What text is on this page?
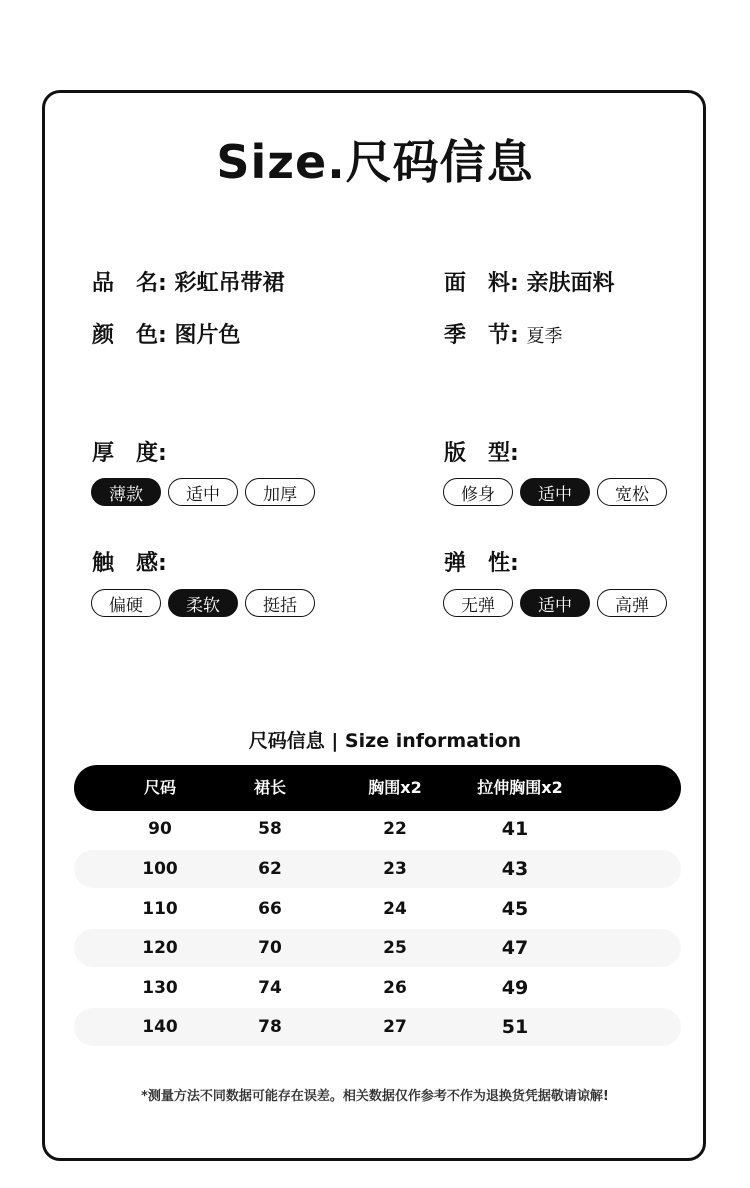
Size.尺码信息
品　名: 彩虹吊带裙	面　料: 亲肤面料
颜　色: 图片色	季　节: 夏季
厚　度:
薄款	适中	加厚
版　型:
修身	适中	宽松
触　感:
偏硬	柔软	挺括
弹　性:
无弹	适中	高弹
尺码信息 | Size information
尺码	裙长	胸围x2	拉伸胸围x2
90	58	22	41
100	62	23	43
110	66	24	45
120	70	25	47
130	74	26	49
140	78	27	51
*测量方法不同数据可能存在误差。相关数据仅作参考不作为退换货凭据敬请谅解!
